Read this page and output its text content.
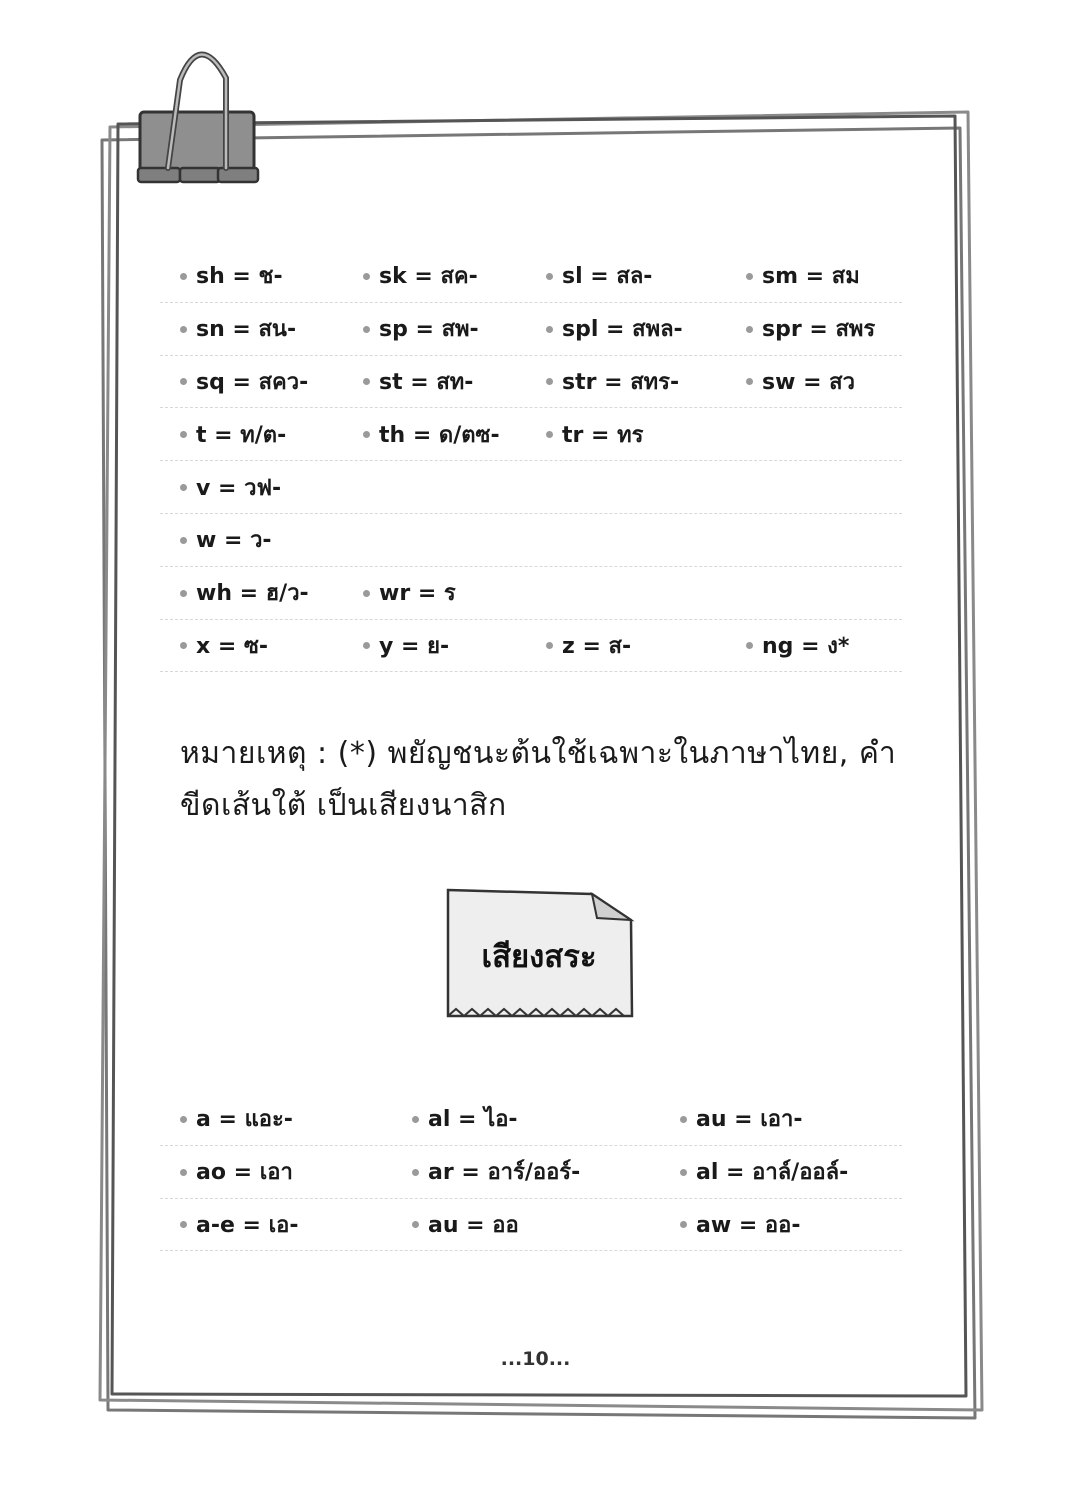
sh = ช-	sk = สค-	sl = สล-	sm = สม
sn = สน-	sp = สพ-	spl = สพล-	spr = สพร
sq = สคว-	st = สท-	str = สทร-	sw = สว
t = ท/ต-	th = ด/ตซ-	tr = ทร
v = วฟ-
w = ว-
wh = ฮ/ว-	wr = ร
x = ซ-	y = ย-	z = ส-	ng = ง*
หมายเหตุ : (*) พยัญชนะต้นใช้เฉพาะในภาษาไทย, คำ
ขีดเส้นใต้ เป็นเสียงนาสิก
เสียงสระ
a = แอะ-	al = ไอ-	au = เอา-
ao = เอา	ar = อาร์/ออร์-	al = อาล์/ออล์-
a-e = เอ-	au = ออ	aw = ออ-
...10...
